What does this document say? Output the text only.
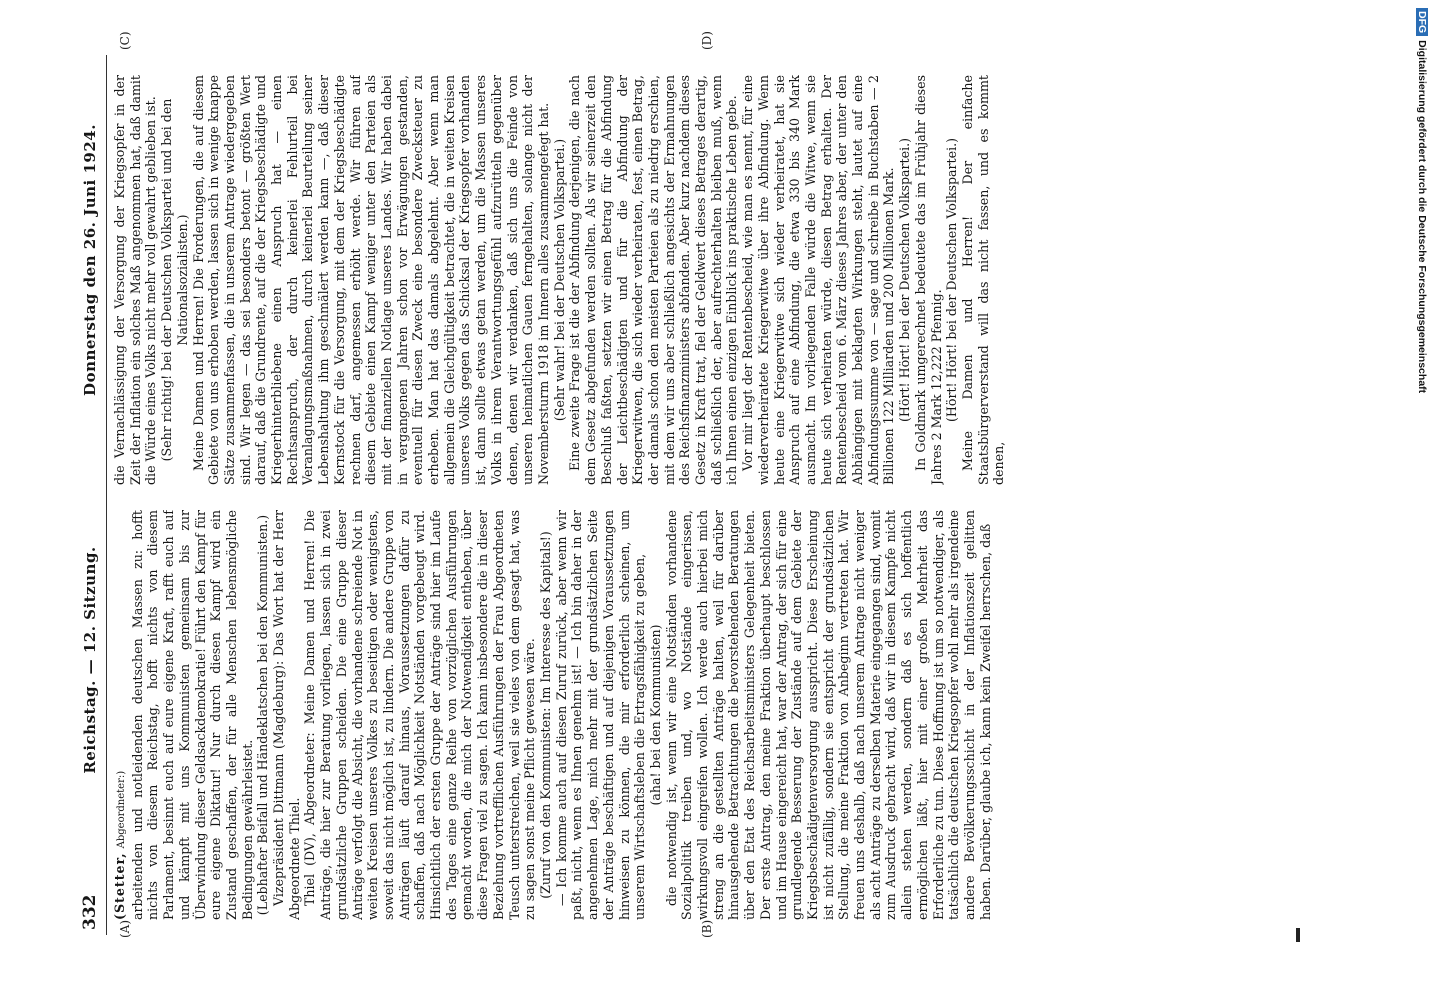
DFGDigitalisierung gefördert durch die Deutsche Forschungsgemeinschaft
332
Reichstag. — 12. Sitzung.
Donnerstag den 26. Juni 1924.
(A)	(B)
(C)	(D)

(Stetter, Abgeordneter:) arbeitenden und notleidenden deutschen Massen zu: hofft nichts von diesem Reichstag, hofft nichts von diesem Parlament, besinnt euch auf eure eigene Kraft, rafft euch auf und kämpft mit uns Kommunisten gemeinsam bis zur Überwindung dieser Geldsackdemokratie! Führt den Kampf für eure eigene Diktatur! Nur durch diesen Kampf wird ein Zustand geschaffen, der für alle Menschen lebensmögliche Bedingungen gewährleistet. (Lebhafter Beifall und Händeklatschen bei den Kommunisten.) Vizepräsident Dittmann (Magdeburg): Das Wort hat der Herr Abgeordnete Thiel. Thiel (DV), Abgeordneter: Meine Damen und Herren! Die Anträge, die hier zur Beratung vorliegen, lassen sich in zwei grundsätzliche Gruppen scheiden. Die eine Gruppe dieser Anträge verfolgt die Absicht, die vorhandene schreiende Not in weiten Kreisen unseres Volkes zu beseitigen oder wenigstens, soweit das nicht möglich ist, zu lindern. Die andere Gruppe von Anträgen läuft darauf hinaus, Voraussetzungen dafür zu schaffen, daß nach Möglichkeit Notständen vorgebeugt wird. Hinsichtlich der ersten Gruppe der Anträge sind hier im Laufe des Tages eine ganze Reihe von vorzüglichen Ausführungen gemacht worden, die mich der Notwendigkeit entheben, über diese Fragen viel zu sagen. Ich kann insbesondere die in dieser Beziehung vortrefflichen Ausführungen der Frau Abgeordneten Teusch unterstreichen, weil sie vieles von dem gesagt hat, was zu sagen sonst meine Pflicht gewesen wäre. (Zuruf von den Kommunisten: Im Interesse des Kapitals!) — Ich komme auch auf diesen Zuruf zurück, aber wenn wir paßt, nicht, wenn es Ihnen genehm ist! — Ich bin daher in der angenehmen Lage, mich mehr mit der grundsätzlichen Seite der Anträge beschäftigen und auf diejenigen Voraussetzungen hinweisen zu können, die mir erforderlich scheinen, um unserem Wirtschaftsleben die Ertragsfähigkeit zu geben, (aha! bei den Kommunisten) die notwendig ist, wenn wir eine Notständen vorhandene Sozialpolitik treiben und, wo Notstände eingerissen, wirkungsvoll eingreifen wollen. Ich werde auch hierbei mich streng an die gestellten Anträge halten, weil für darüber hinausgehende Betrachtungen die bevorstehenden Beratungen über den Etat des Reichsarbeitsministers Gelegenheit bieten. Der erste Antrag, den meine Fraktion überhaupt beschlossen und im Hause eingereicht hat, war der Antrag, der sich für eine grundlegende Besserung der Zustände auf dem Gebiete der Kriegsbeschädigtenversorgung ausspricht. Diese Erscheinung ist nicht zufällig, sondern sie entspricht der grundsätzlichen Stellung, die meine Fraktion von Anbeginn vertreten hat. Wir freuen uns deshalb, daß nach unserem Antrage nicht weniger als acht Anträge zu derselben Materie eingegangen sind, womit zum Ausdruck gebracht wird, daß wir in diesem Kampfe nicht allein stehen werden, sondern daß es sich hoffentlich ermöglichen läßt, hier mit einer großen Mehrheit das Erforderliche zu tun. Diese Hoffnung ist um so notwendiger, als tatsächlich die deutschen Kriegsopfer wohl mehr als irgendeine andere Bevölkerungsschicht in der Inflationszeit gelitten haben. Darüber, glaube ich, kann kein Zweifel herrschen, daß

die Vernachlässigung der Versorgung der Kriegsopfer in der Zeit der Inflation ein solches Maß angenommen hat, daß damit die Würde eines Volks nicht mehr voll gewahrt geblieben ist. (Sehr richtig! bei der Deutschen Volkspartei und bei den Nationalsozialisten.) Meine Damen und Herren! Die Forderungen, die auf diesem Gebiete von uns erhoben werden, lassen sich in wenige knappe Sätze zusammenfassen, die in unserem Antrage wiedergegeben sind. Wir legen — das sei besonders betont — größten Wert darauf, daß die Grundrente, auf die der Kriegsbeschädigte und Kriegerhinterbliebene einen Anspruch hat — einen Rechtsanspruch, der durch keinerlei Fehlurteil bei Veranlagungsmaßnahmen, durch keinerlei Beurteilung seiner Lebenshaltung ihm geschmälert werden kann —, daß dieser Kernstock für die Versorgung, mit dem der Kriegsbeschädigte rechnen darf, angemessen erhöht werde. Wir führen auf diesem Gebiete einen Kampf weniger unter den Parteien als mit der finanziellen Notlage unseres Landes. Wir haben dabei in vergangenen Jahren schon vor Erwägungen gestanden, eventuell für diesen Zweck eine besondere Zwecksteuer zu erheben. Man hat das damals abgelehnt. Aber wenn man allgemein die Gleichgültigkeit betrachtet, die in weiten Kreisen unseres Volks gegen das Schicksal der Kriegsopfer vorhanden ist, dann sollte etwas getan werden, um die Massen unseres Volks in ihrem Verantwortungsgefühl aufzurütteln gegenüber denen, denen wir verdanken, daß sich uns die Feinde von unseren heimatlichen Gauen ferngehalten, solange nicht der Novembersturm 1918 im Innern alles zusammengefegt hat. (Sehr wahr! bei der Deutschen Volkspartei.) Eine zweite Frage ist die der Abfindung derjenigen, die nach dem Gesetz abgefunden werden sollten. Als wir seinerzeit den Beschluß faßten, setzten wir einen Betrag für die Abfindung der Leichtbeschädigten und für die Abfindung der Kriegerwitwen, die sich wieder verheiraten, fest, einen Betrag, der damals schon den meisten Parteien als zu niedrig erschien, mit dem wir uns aber schließlich angesichts der Ermahnungen des Reichsfinanzministers abfanden. Aber kurz nachdem dieses Gesetz in Kraft trat, fiel der Geldwert dieses Betrages derartig, daß schließlich der, aber aufrechterhalten bleiben muß, wenn ich Ihnen einen einzigen Einblick ins praktische Leben gebe. Vor mir liegt der Rentenbescheid, wie man es nennt, für eine wiederverheiratete Kriegerwitwe über ihre Abfindung. Wenn heute eine Kriegerwitwe sich wieder verheiratet, hat sie Anspruch auf eine Abfindung, die etwa 330 bis 340 Mark ausmacht. Im vorliegenden Falle würde die Witwe, wenn sie heute sich verheiraten würde, diesen Betrag erhalten. Der Rentenbescheid vom 6. März dieses Jahres aber, der unter den Abhängigen mit beklagten Wirkungen steht, lautet auf eine Abfindungssumme von — sage und schreibe in Buchstaben — 2 Billionen 122 Milliarden und 200 Millionen Mark. (Hört! Hört! bei der Deutschen Volkspartei.) In Goldmark umgerechnet bedeutete das im Frühjahr dieses Jahres 2 Mark 12,222 Pfennig. (Hört! Hört! bei der Deutschen Volkspartei.) Meine Damen und Herren! Der einfache Staatsbürgerverstand will das nicht fassen, und es kommt denen,
